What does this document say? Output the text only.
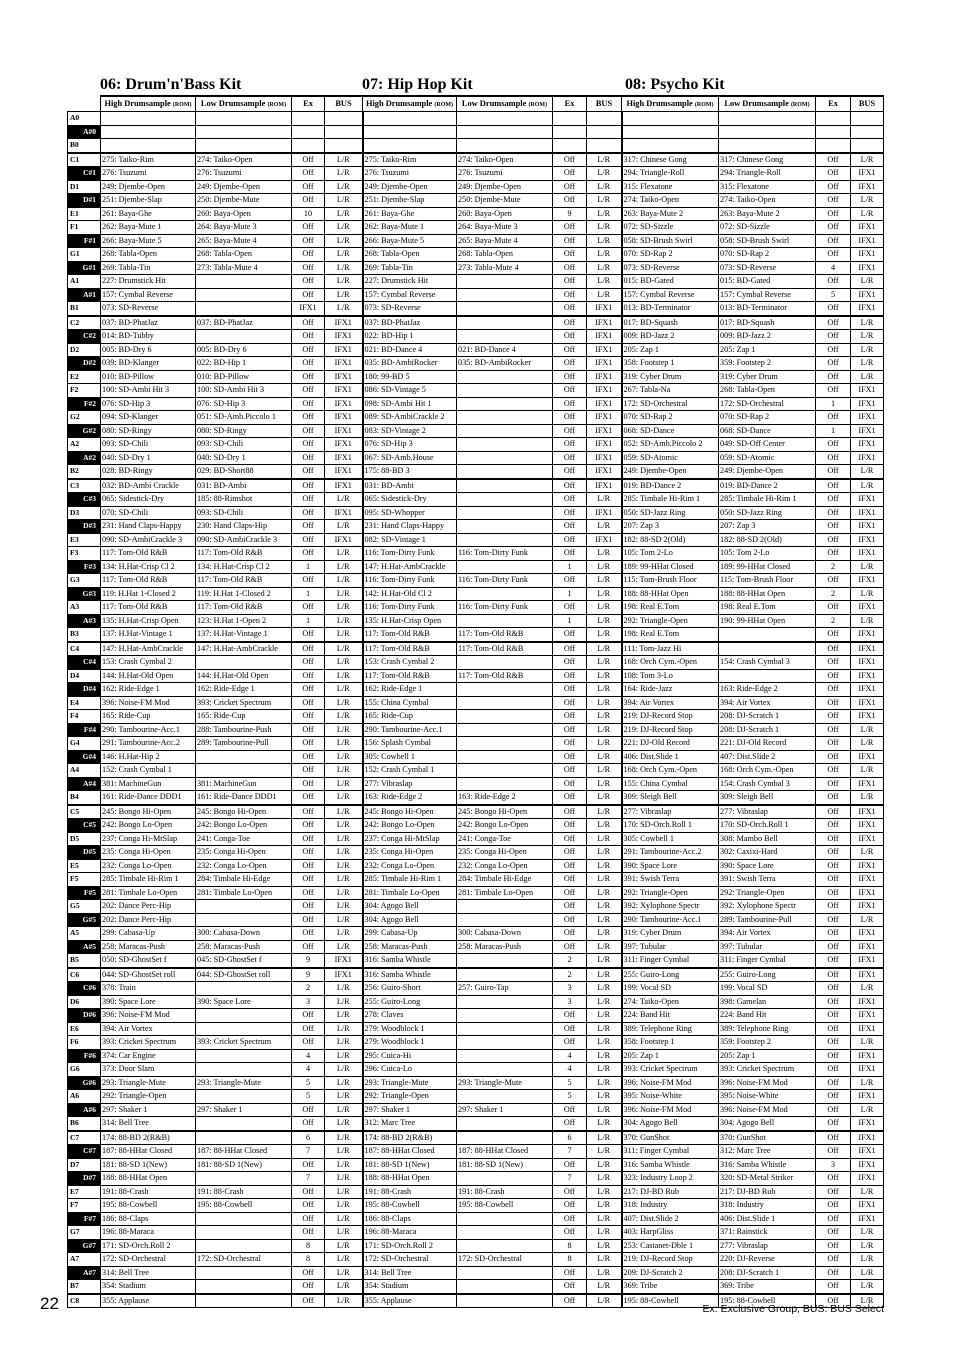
06: Drum'n'Bass Kit	07: Hip Hop Kit	08: Psycho Kit
	High Drumsample (ROM)	Low Drumsample (ROM)	Ex	BUS	High Drumsample (ROM)	Low Drumsample (ROM)	Ex	BUS	High Drumsample (ROM)	Low Drumsample (ROM)	Ex	BUS
A0												
A#0												
B0												
C1	275: Taiko-Rim	274: Taiko-Open	Off	L/R	275: Taiko-Rim	274: Taiko-Open	Off	L/R	317: Chinese Gong	317: Chinese Gong	Off	L/R
C#1	276: Tsuzumi	276: Tsuzumi	Off	L/R	276: Tsuzumi	276: Tsuzumi	Off	L/R	294: Triangle-Roll	294: Triangle-Roll	Off	IFX1
D1	249: Djembe-Open	249: Djembe-Open	Off	L/R	249: Djembe-Open	249: Djembe-Open	Off	L/R	315: Flexatone	315: Flexatone	Off	IFX1
D#1	251: Djembe-Slap	250: Djembe-Mute	Off	L/R	251: Djembe-Slap	250: Djembe-Mute	Off	L/R	274: Taiko-Open	274: Taiko-Open	Off	L/R
E1	261: Baya-Ghe	260: Baya-Open	10	L/R	261: Baya-Ghe	260: Baya-Open	9	L/R	263: Baya-Mute 2	263: Baya-Mute 2	Off	L/R
F1	262: Baya-Mute 1	264: Baya-Mute 3	Off	L/R	262: Baya-Mute 1	264: Baya-Mute 3	Off	L/R	072: SD-Sizzle	072: SD-Sizzle	Off	IFX1
F#1	266: Baya-Mute 5	265: Baya-Mute 4	Off	L/R	266: Baya-Mute 5	265: Baya-Mute 4	Off	L/R	058: SD-Brush Swirl	058: SD-Brush Swirl	Off	IFX1
G1	268: Tabla-Open	268: Tabla-Open	Off	L/R	268: Tabla-Open	268: Tabla-Open	Off	L/R	070: SD-Rap 2	070: SD-Rap 2	Off	IFX1
G#1	269: Tabla-Tin	273: Tabla-Mute 4	Off	L/R	269: Tabla-Tin	273: Tabla-Mute 4	Off	L/R	073: SD-Reverse	073: SD-Reverse	4	IFX1
A1	227: Drumstick Hit		Off	L/R	227: Drumstick Hit		Off	L/R	015: BD-Gated	015: BD-Gated	Off	L/R
A#1	157: Cymbal Reverse		Off	L/R	157: Cymbal Reverse		Off	L/R	157: Cymbal Reverse	157: Cymbal Reverse	5	IFX1
B1	073: SD-Reverse		IFX1	L/R	073: SD-Reverse		Off	IFX1	013: BD-Terminator	013: BD-Terminator	Off	IFX1
C2	037: BD-PhatJaz	037: BD-PhatJaz	Off	IFX1	037: BD-PhatJaz		Off	IFX1	017: BD-Squash	017: BD-Squash	Off	L/R
C#2	014: BD-Tubby		Off	IFX1	022: BD-Hip 1		Off	IFX1	009: BD-Jazz 2	009: BD-Jazz 2	Off	L/R
D2	005: BD-Dry 6	005: BD-Dry 6	Off	IFX1	021: BD-Dance 4	021: BD-Dance 4	Off	IFX1	205: Zap 1	205: Zap 1	Off	L/R
D#2	039: BD-Klanger	022: BD-Hip 1	Off	IFX1	035: BD-AmbiRocker	035: BD-AmbiRocker	Off	IFX1	358: Footstep 1	359: Footstep 2	Off	L/R
E2	010: BD-Pillow	010: BD-Pillow	Off	IFX1	180: 99-BD 5		Off	IFX1	319: Cyber Drum	319: Cyber Drum	Off	L/R
F2	100: SD-Ambi Hit 3	100: SD-Ambi Hit 3	Off	IFX1	086: SD-Vintage 5		Off	IFX1	267: Tabla-Na	268: Tabla-Open	Off	IFX1
F#2	076: SD-Hip 3	076: SD-Hip 3	Off	IFX1	098: SD-Ambi Hit 1		Off	IFX1	172: SD-Orchestral	172: SD-Orchestral	1	IFX1
G2	094: SD-Klanger	051: SD-Amb.Piccolo 1	Off	IFX1	089: SD-AmbiCrackle 2		Off	IFX1	070: SD-Rap 2	070: SD-Rap 2	Off	IFX1
G#2	080: SD-Ringy	080: SD-Ringy	Off	IFX1	083: SD-Vintage 2		Off	IFX1	068: SD-Dance	068: SD-Dance	1	IFX1
A2	093: SD-Chili	093: SD-Chili	Off	IFX1	076: SD-Hip 3		Off	IFX1	052: SD-Amb.Piccolo 2	049: SD-Off Center	Off	IFX1
A#2	040: SD-Dry 1	040: SD-Dry 1	Off	IFX1	067: SD-Amb.House		Off	IFX1	059: SD-Atomic	059: SD-Atomic	Off	IFX1
B2	028: BD-Ringy	029: BD-Short88	Off	IFX1	175: 88-BD 3		Off	IFX1	249: Djembe-Open	249: Djembe-Open	Off	L/R
C3	032: BD-Ambi Crackle	031: BD-Ambi	Off	IFX1	031: BD-Ambi		Off	IFX1	019: BD-Dance 2	019: BD-Dance 2	Off	L/R
C#3	065: Sidestick-Dry	185: 88-Rimshot	Off	L/R	065: Sidestick-Dry		Off	L/R	285: Timbale Hi-Rim 1	285: Timbale Hi-Rim 1	Off	IFX1
D3	070: SD-Chili	093: SD-Chili	Off	IFX1	095: SD-Whopper		Off	IFX1	050: SD-Jazz Ring	050: SD-Jazz Ring	Off	IFX1
D#3	231: Hand Claps-Happy	230: Hand Claps-Hip	Off	L/R	231: Hand Claps-Happy		Off	L/R	207: Zap 3	207: Zap 3	Off	IFX1
E3	090: SD-AmbiCrackle 3	090: SD-AmbiCrackle 3	Off	IFX1	082: SD-Vintage 1		Off	IFX1	182: 88-SD 2(Old)	182: 88-SD 2(Old)	Off	IFX1
F3	117: Tom-Old R&B	117: Tom-Old R&B	Off	L/R	116: Tom-Dirty Funk	116: Tom-Dirty Funk	Off	L/R	105: Tom 2-Lo	105: Tom 2-Lo	Off	IFX1
F#3	134: H.Hat-Crisp Cl 2	134: H.Hat-Crisp Cl 2	1	L/R	147: H.Hat-AmbCrackle		1	L/R	189: 99-HHat Closed	189: 99-HHat Closed	2	L/R
G3	117: Tom-Old R&B	117: Tom-Old R&B	Off	L/R	116: Tom-Dirty Funk	116: Tom-Dirty Funk	Off	L/R	115: Tom-Brush Floor	115: Tom-Brush Floor	Off	IFX1
G#3	119: H.Hat 1-Closed 2	119: H.Hat 1-Closed 2	1	L/R	142: H.Hat-Old Cl 2		1	L/R	188: 88-HHat Open	188: 88-HHat Open	2	L/R
A3	117: Tom-Old R&B	117: Tom-Old R&B	Off	L/R	116: Tom-Dirty Funk	116: Tom-Dirty Funk	Off	L/R	198: Real E.Tom	198: Real E.Tom	Off	IFX1
A#3	135: H.Hat-Crisp Open	123: H.Hat 1-Open 2	1	L/R	135: H.Hat-Crisp Open		1	L/R	292: Triangle-Open	190: 99-HHat Open	2	L/R
B3	137: H.Hat-Vintage 1	137: H.Hat-Vintage 1	Off	L/R	117: Tom-Old R&B	117: Tom-Old R&B	Off	L/R	198: Real E.Tom		Off	IFX1
C4	147: H.Hat-AmbCrackle	147: H.Hat-AmbCrackle	Off	L/R	117: Tom-Old R&B	117: Tom-Old R&B	Off	L/R	111: Tom-Jazz Hi		Off	IFX1
C#4	153: Crash Cymbal 2		Off	L/R	153: Crash Cymbal 2		Off	L/R	168: Orch Cym.-Open	154: Crash Cymbal 3	Off	IFX1
D4	144: H.Hat-Old Open	144: H.Hat-Old Open	Off	L/R	117: Tom-Old R&B	117: Tom-Old R&B	Off	L/R	108: Tom 3-Lo		Off	IFX1
D#4	162: Ride-Edge 1	162: Ride-Edge 1	Off	L/R	162: Ride-Edge 1		Off	L/R	164: Ride-Jazz	163: Ride-Edge 2	Off	IFX1
E4	396: Noise-FM Mod	393: Cricket Spectrum	Off	L/R	155: China Cymbal		Off	L/R	394: Air Vortex	394: Air Vortex	Off	IFX1
F4	165: Ride-Cup	165: Ride-Cup	Off	L/R	165: Ride-Cup		Off	L/R	219: DJ-Record Stop	208: DJ-Scratch 1	Off	IFX1
F#4	290: Tambourine-Acc.1	288: Tambourine-Push	Off	L/R	290: Tambourine-Acc.1		Off	L/R	219: DJ-Record Stop	208: DJ-Scratch 1	Off	L/R
G4	291: Tambourine-Acc.2	289: Tambourine-Pull	Off	L/R	156: Splash Cymbal		Off	L/R	221: DJ-Old Record	221: DJ-Old Record	Off	L/R
G#4	146: H.Hat-Hip 2		Off	L/R	305: Cowbell 1		Off	L/R	406: Dist.Slide 1	407: Dist.Slide 2	Off	IFX1
A4	152: Crash Cymbal 1		Off	L/R	152: Crash Cymbal 1		Off	L/R	168: Orch Cym.-Open	168: Orch Cym.-Open	Off	L/R
A#4	381: MachineGun	381: MachineGun	Off	L/R	277: Vibraslap		Off	L/R	155: China Cymbal	154: Crash Cymbal 3	Off	IFX1
B4	161: Ride-Dance DDD1	161: Ride-Dance DDD1	Off	L/R	163: Ride-Edge 2	163: Ride-Edge 2	Off	L/R	309: Sleigh Bell	309: Sleigh Bell	Off	L/R
C5	245: Bongo Hi-Open	245: Bongo Hi-Open	Off	L/R	245: Bongo Hi-Open	245: Bongo Hi-Open	Off	L/R	277: Vibraslap	277: Vibraslap	Off	IFX1
C#5	242: Bongo Lo-Open	242: Bongo Lo-Open	Off	L/R	242: Bongo Lo-Open	242: Bongo Lo-Open	Off	L/R	170: SD-Orch.Roll 1	170: SD-Orch.Roll 1	Off	IFX1
D5	237: Conga Hi-MtSlap	241: Conga-Toe	Off	L/R	237: Conga Hi-MtSlap	241: Conga-Toe	Off	L/R	305: Cowbell 1	308: Mambo Bell	Off	IFX1
D#5	235: Conga Hi-Open	235: Conga Hi-Open	Off	L/R	235: Conga Hi-Open	235: Conga Hi-Open	Off	L/R	291: Tambourine-Acc.2	302: Caxixi-Hard	Off	L/R
E5	232: Conga Lo-Open	232: Conga Lo-Open	Off	L/R	232: Conga Lo-Open	232: Conga Lo-Open	Off	L/R	390: Space Lore	390: Space Lore	Off	IFX1
F5	285: Timbale Hi-Rim 1	284: Timbale Hi-Edge	Off	L/R	285: Timbale Hi-Rim 1	284: Timbale Hi-Edge	Off	L/R	391: Swish Terra	391: Swish Terra	Off	IFX1
F#5	281: Timbale Lo-Open	281: Timbale Lo-Open	Off	L/R	281: Timbale Lo-Open	281: Timbale Lo-Open	Off	L/R	292: Triangle-Open	292: Triangle-Open	Off	IFX1
G5	202: Dance Perc-Hip		Off	L/R	304: Agogo Bell		Off	L/R	392: Xylophone Spectr	392: Xylophone Spectr	Off	IFX1
G#5	202: Dance Perc-Hip		Off	L/R	304: Agogo Bell		Off	L/R	290: Tambourine-Acc.1	289: Tambourine-Pull	Off	L/R
A5	299: Cabasa-Up	300: Cabasa-Down	Off	L/R	299: Cabasa-Up	300: Cabasa-Down	Off	L/R	319: Cyber Drum	394: Air Vortex	Off	IFX1
A#5	258: Maracas-Push	258: Maracas-Push	Off	L/R	258: Maracas-Push	258: Maracas-Push	Off	L/R	397: Tubular	397: Tubular	Off	IFX1
B5	050: SD-GhostSet f	045: SD-GhostSet f	9	IFX1	316: Samba Whistle		2	L/R	311: Finger Cymbal	311: Finger Cymbal	Off	IFX1
C6	044: SD-GhostSet roll	044: SD-GhostSet roll	9	IFX1	316: Samba Whistle		2	L/R	255: Guiro-Long	255: Guiro-Long	Off	IFX1
C#6	378: Train		2	L/R	256: Guiro-Short	257: Guiro-Tap	3	L/R	199: Vocal SD	199: Vocal SD	Off	L/R
D6	390: Space Lore	390: Space Lore	3	L/R	255: Guiro-Long		3	L/R	274: Taiko-Open	398: Gamelan	Off	IFX1
D#6	396: Noise-FM Mod		Off	L/R	278: Claves		Off	L/R	224: Band Hit	224: Band Hit	Off	IFX1
E6	394: Air Vortex		Off	L/R	279: Woodblock 1		Off	L/R	389: Telephone Ring	389: Telephone Ring	Off	IFX1
F6	393: Cricket Spectrum	393: Cricket Spectrum	Off	L/R	279: Woodblock 1		Off	L/R	358: Footstep 1	359: Footstep 2	Off	L/R
F#6	374: Car Engine		4	L/R	295: Cuica-Hi		4	L/R	205: Zap 1	205: Zap 1	Off	IFX1
G6	373: Door Slam		4	L/R	296: Cuica-Lo		4	L/R	393: Cricket Spectrum	393: Cricket Spectrum	Off	IFX1
G#6	293: Triangle-Mute	293: Triangle-Mute	5	L/R	293: Triangle-Mute	293: Triangle-Mute	5	L/R	396: Noise-FM Mod	396: Noise-FM Mod	Off	L/R
A6	292: Triangle-Open		5	L/R	292: Triangle-Open		5	L/R	395: Noise-White	395: Noise-White	Off	IFX1
A#6	297: Shaker 1	297: Shaker 1	Off	L/R	297: Shaker 1	297: Shaker 1	Off	L/R	396: Noise-FM Mod	396: Noise-FM Mod	Off	L/R
B6	314: Bell Tree		Off	L/R	312: Marc Tree		Off	L/R	304: Agogo Bell	304: Agogo Bell	Off	IFX1
C7	174: 88-BD 2(R&B)		6	L/R	174: 88-BD 2(R&B)		6	L/R	370: GunShot	370: GunShot	Off	IFX1
C#7	187: 88-HHat Closed	187: 88-HHat Closed	7	L/R	187: 88-HHat Closed	187: 88-HHat Closed	7	L/R	311: Finger Cymbal	312: Marc Tree	Off	IFX1
D7	181: 88-SD 1(New)	181: 88-SD 1(New)	Off	L/R	181: 88-SD 1(New)	181: 88-SD 1(New)	Off	L/R	316: Samba Whistle	316: Samba Whistle	3	IFX1
D#7	188: 88-HHat Open		7	L/R	188: 88-HHat Open		7	L/R	323: Industry Loop 2	320: SD-Metal Striker	Off	IFX1
E7	191: 88-Crash	191: 88-Crash	Off	L/R	191: 88-Crash	191: 88-Crash	Off	L/R	217: DJ-BD Rub	217: DJ-BD Rub	Off	L/R
F7	195: 88-Cowbell	195: 88-Cowbell	Off	L/R	195: 88-Cowbell	195: 88-Cowbell	Off	L/R	318: Industry	318: Industry	Off	IFX1
F#7	186: 88-Claps		Off	L/R	186: 88-Claps		Off	L/R	407: Dist.Slide 2	406: Dist.Slide 1	Off	IFX1
G7	196: 88-Maraca		Off	L/R	196: 88-Maraca		Off	L/R	403: HarpGliss	371: Rainstick	Off	L/R
G#7	171: SD-Orch.Roll 2		8	L/R	171: SD-Orch.Roll 2		8	L/R	253: Castanet-Dble 1	277: Vibraslap	Off	L/R
A7	172: SD-Orchestral	172: SD-Orchestral	8	L/R	172: SD-Orchestral	172: SD-Orchestral	8	L/R	219: DJ-Record Stop	220: DJ-Reverse	Off	L/R
A#7	314: Bell Tree		Off	L/R	314: Bell Tree		Off	L/R	209: DJ-Scratch 2	208: DJ-Scratch 1	Off	L/R
B7	354: Stadium		Off	L/R	354: Stadium		Off	L/R	369: Tribe	369: Tribe	Off	L/R
C8	355: Applause		Off	L/R	355: Applause		Off	L/R	195: 88-Cowbell	195: 88-Cowbell	Off	L/R
22	Ex: Exclusive Group, BUS: BUS Select
